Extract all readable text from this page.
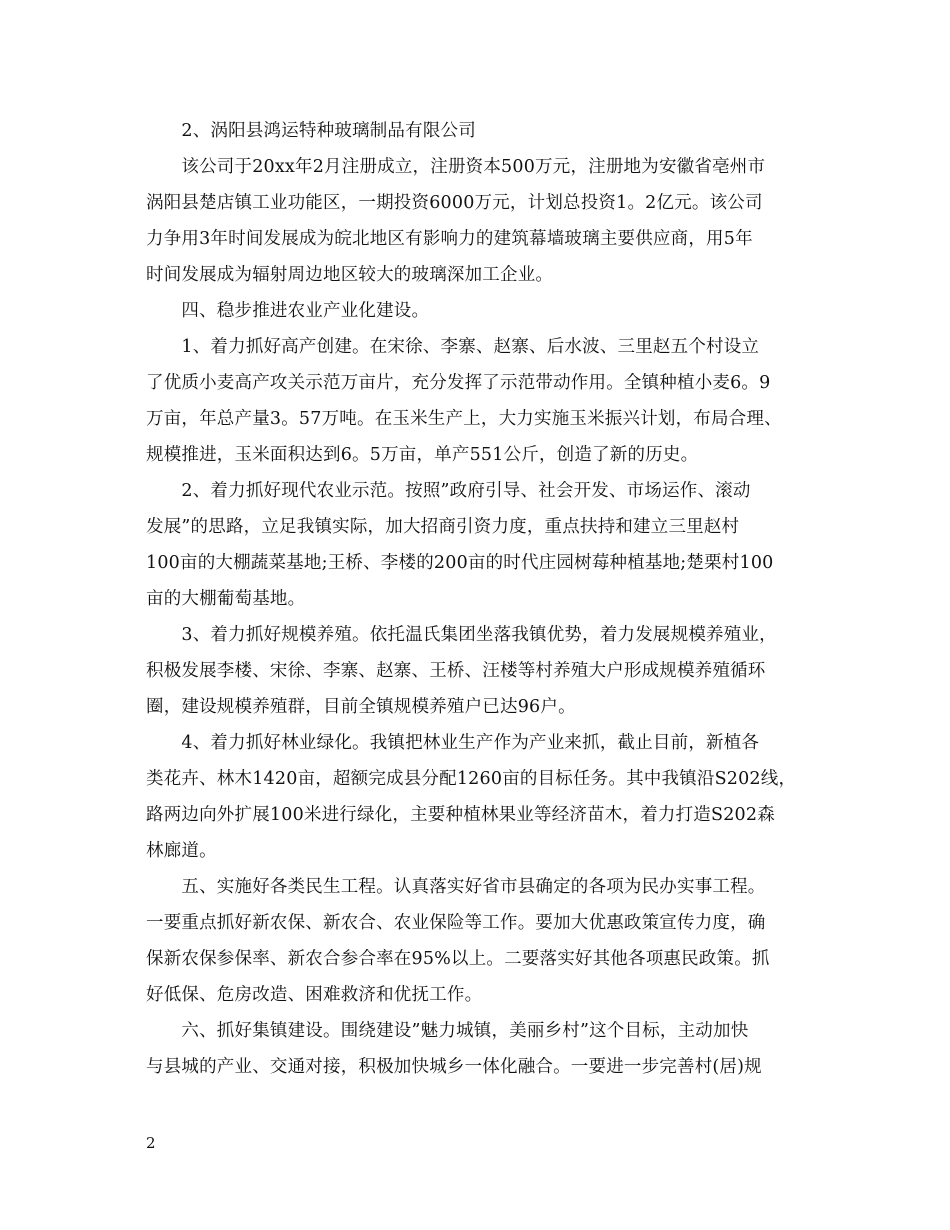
　　2、涡阳县鸿运特种玻璃制品有限公司
　　该公司于20xx年2月注册成立，注册资本500万元，注册地为安徽省亳州市
涡阳县楚店镇工业功能区，一期投资6000万元，计划总投资1。2亿元。该公司
力争用3年时间发展成为皖北地区有影响力的建筑幕墙玻璃主要供应商，用5年
时间发展成为辐射周边地区较大的玻璃深加工企业。
　　四、稳步推进农业产业化建设。
　　1、着力抓好高产创建。在宋徐、李寨、赵寨、后水波、三里赵五个村设立
了优质小麦高产攻关示范万亩片，充分发挥了示范带动作用。全镇种植小麦6。9
万亩，年总产量3。57万吨。在玉米生产上，大力实施玉米振兴计划，布局合理、
规模推进，玉米面积达到6。5万亩，单产551公斤，创造了新的历史。
　　2、着力抓好现代农业示范。按照”政府引导、社会开发、市场运作、滚动
发展”的思路，立足我镇实际，加大招商引资力度，重点扶持和建立三里赵村
100亩的大棚蔬菜基地;王桥、李楼的200亩的时代庄园树莓种植基地;楚栗村100
亩的大棚葡萄基地。
　　3、着力抓好规模养殖。依托温氏集团坐落我镇优势，着力发展规模养殖业，
积极发展李楼、宋徐、李寨、赵寨、王桥、汪楼等村养殖大户形成规模养殖循环
圈，建设规模养殖群，目前全镇规模养殖户已达96户。
　　4、着力抓好林业绿化。我镇把林业生产作为产业来抓，截止目前，新植各
类花卉、林木1420亩，超额完成县分配1260亩的目标任务。其中我镇沿S202线，
路两边向外扩展100米进行绿化，主要种植林果业等经济苗木，着力打造S202森
林廊道。
　　五、实施好各类民生工程。认真落实好省市县确定的各项为民办实事工程。
一要重点抓好新农保、新农合、农业保险等工作。要加大优惠政策宣传力度，确
保新农保参保率、新农合参合率在95%以上。二要落实好其他各项惠民政策。抓
好低保、危房改造、困难救济和优抚工作。
　　六、抓好集镇建设。围绕建设”魅力城镇，美丽乡村”这个目标，主动加快
与县城的产业、交通对接，积极加快城乡一体化融合。一要进一步完善村(居)规
2
